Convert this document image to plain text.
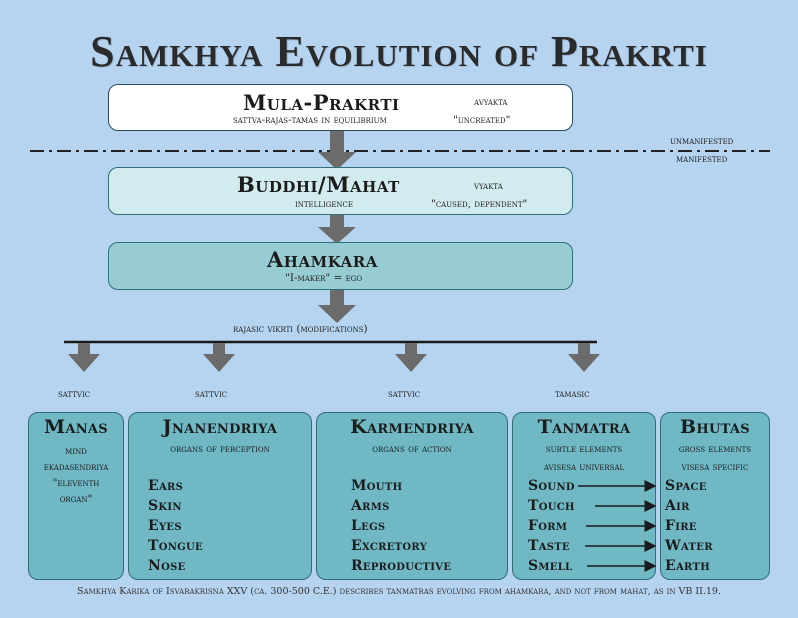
Samkhya Evolution of Prakrti
Mula-Prakrti
sattva-rajas-tamas in equilibrium
avyakta
"uncreated"
unmanifested
manifested
Buddhi/Mahat
intelligence
vyakta
"caused, dependent"
Ahamkara
"I-maker" = ego
rajasic vikrti (modifications)
sattvic	sattvic	sattvic	tamasic
Manas
mind
ekadasendriya
"eleventh
organ"
Jnanendriya
organs of perception
Ears
Skin
Eyes
Tongue
Nose
Karmendriya
organs of action
Mouth
Arms
Legs
Excretory
Reproductive
Tanmatra
subtle elements
avisesa universal
Sound
Touch
Form
Taste
Smell
Bhutas
gross elements
visesa specific
Space
Air
Fire
Water
Earth
Samkhya Karika of Isvarakrisna XXV (ca. 300-500 C.E.) describes tanmatras evolving from ahamkara, and not from mahat, as in VB II.19.
